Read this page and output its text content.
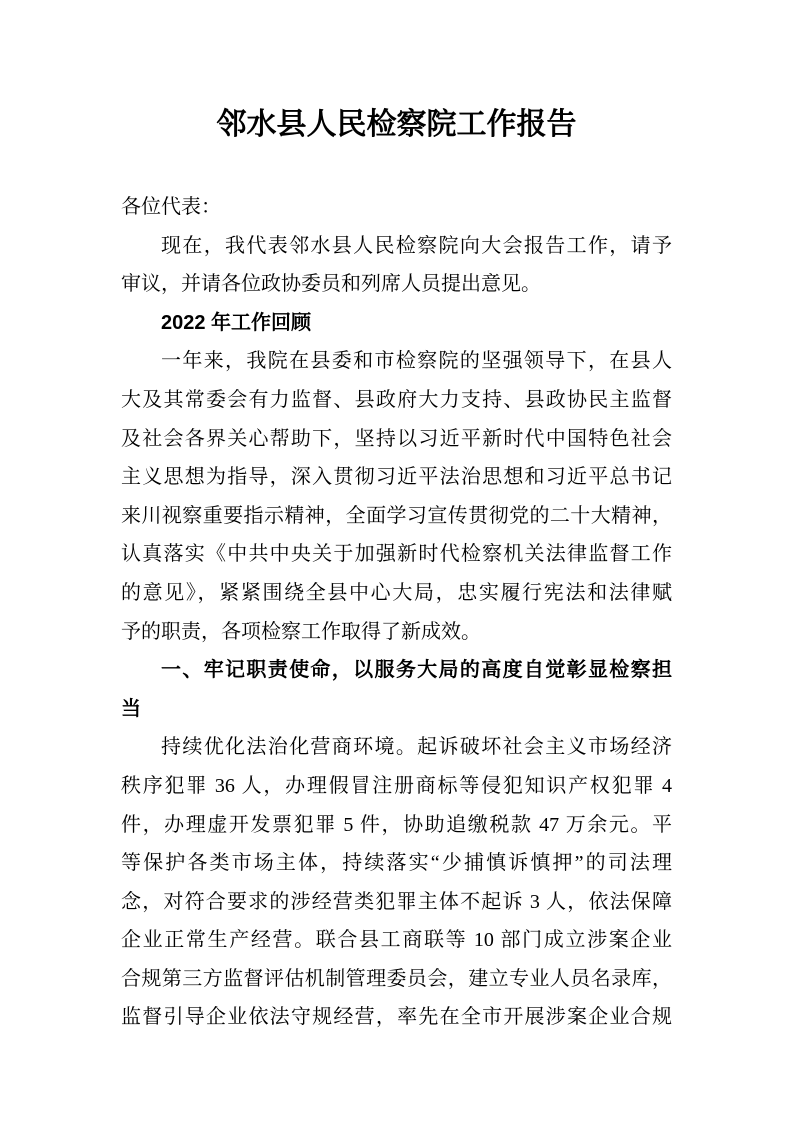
邻水县人民检察院工作报告
各位代表：
现在，我代表邻水县人民检察院向大会报告工作，请予
审议，并请各位政协委员和列席人员提出意见。
2022 年工作回顾
一年来，我院在县委和市检察院的坚强领导下，在县人
大及其常委会有力监督、县政府大力支持、县政协民主监督
及社会各界关心帮助下，坚持以习近平新时代中国特色社会
主义思想为指导，深入贯彻习近平法治思想和习近平总书记
来川视察重要指示精神，全面学习宣传贯彻党的二十大精神，
认真落实《中共中央关于加强新时代检察机关法律监督工作
的意见》，紧紧围绕全县中心大局，忠实履行宪法和法律赋
予的职责，各项检察工作取得了新成效。
一、牢记职责使命，以服务大局的高度自觉彰显检察担
当
持续优化法治化营商环境。起诉破坏社会主义市场经济
秩序犯罪 36 人，办理假冒注册商标等侵犯知识产权犯罪 4
件，办理虚开发票犯罪 5 件，协助追缴税款 47 万余元。平
等保护各类市场主体，持续落实“少捕慎诉慎押”的司法理
念，对符合要求的涉经营类犯罪主体不起诉 3 人，依法保障
企业正常生产经营。联合县工商联等 10 部门成立涉案企业
合规第三方监督评估机制管理委员会，建立专业人员名录库，
监督引导企业依法守规经营，率先在全市开展涉案企业合规
